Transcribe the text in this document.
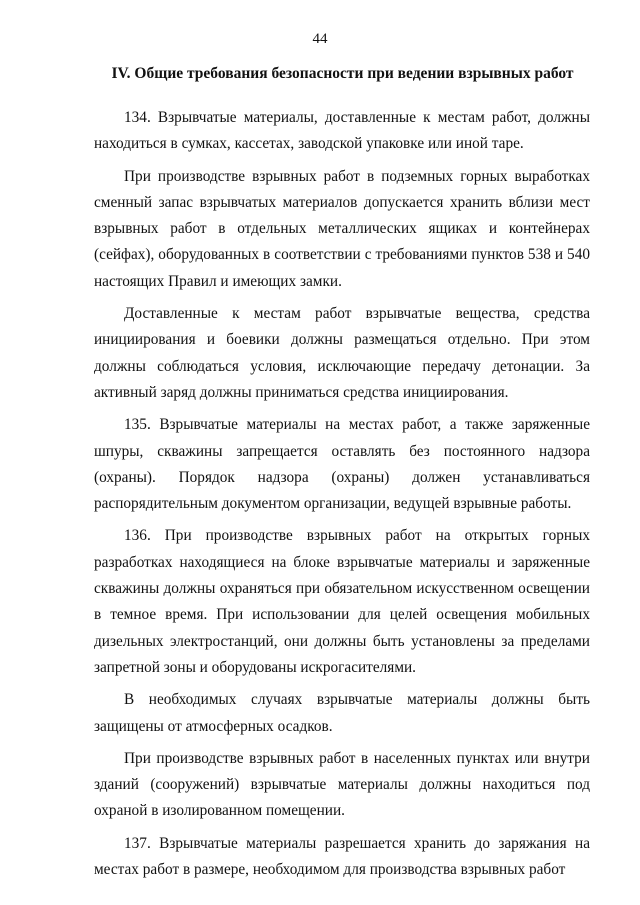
44
IV. Общие требования безопасности при ведении взрывных работ

134. Взрывчатые материалы, доставленные к местам работ, должны находиться в сумках, кассетах, заводской упаковке или иной таре.

При производстве взрывных работ в подземных горных выработках сменный запас взрывчатых материалов допускается хранить вблизи мест взрывных работ в отдельных металлических ящиках и контейнерах (сейфах), оборудованных в соответствии с требованиями пунктов 538 и 540 настоящих Правил и имеющих замки.

Доставленные к местам работ взрывчатые вещества, средства инициирования и боевики должны размещаться отдельно. При этом должны соблюдаться условия, исключающие передачу детонации. За активный заряд должны приниматься средства инициирования.

135. Взрывчатые материалы на местах работ, а также заряженные шпуры, скважины запрещается оставлять без постоянного надзора (охраны). Порядок надзора (охраны) должен устанавливаться распорядительным документом организации, ведущей взрывные работы.

136. При производстве взрывных работ на открытых горных разработках находящиеся на блоке взрывчатые материалы и заряженные скважины должны охраняться при обязательном искусственном освещении в темное время. При использовании для целей освещения мобильных дизельных электростанций, они должны быть установлены за пределами запретной зоны и оборудованы искрогасителями.

В необходимых случаях взрывчатые материалы должны быть защищены от атмосферных осадков.

При производстве взрывных работ в населенных пунктах или внутри зданий (сооружений) взрывчатые материалы должны находиться под охраной в изолированном помещении.

137. Взрывчатые материалы разрешается хранить до заряжания на местах работ в размере, необходимом для производства взрывных работ
